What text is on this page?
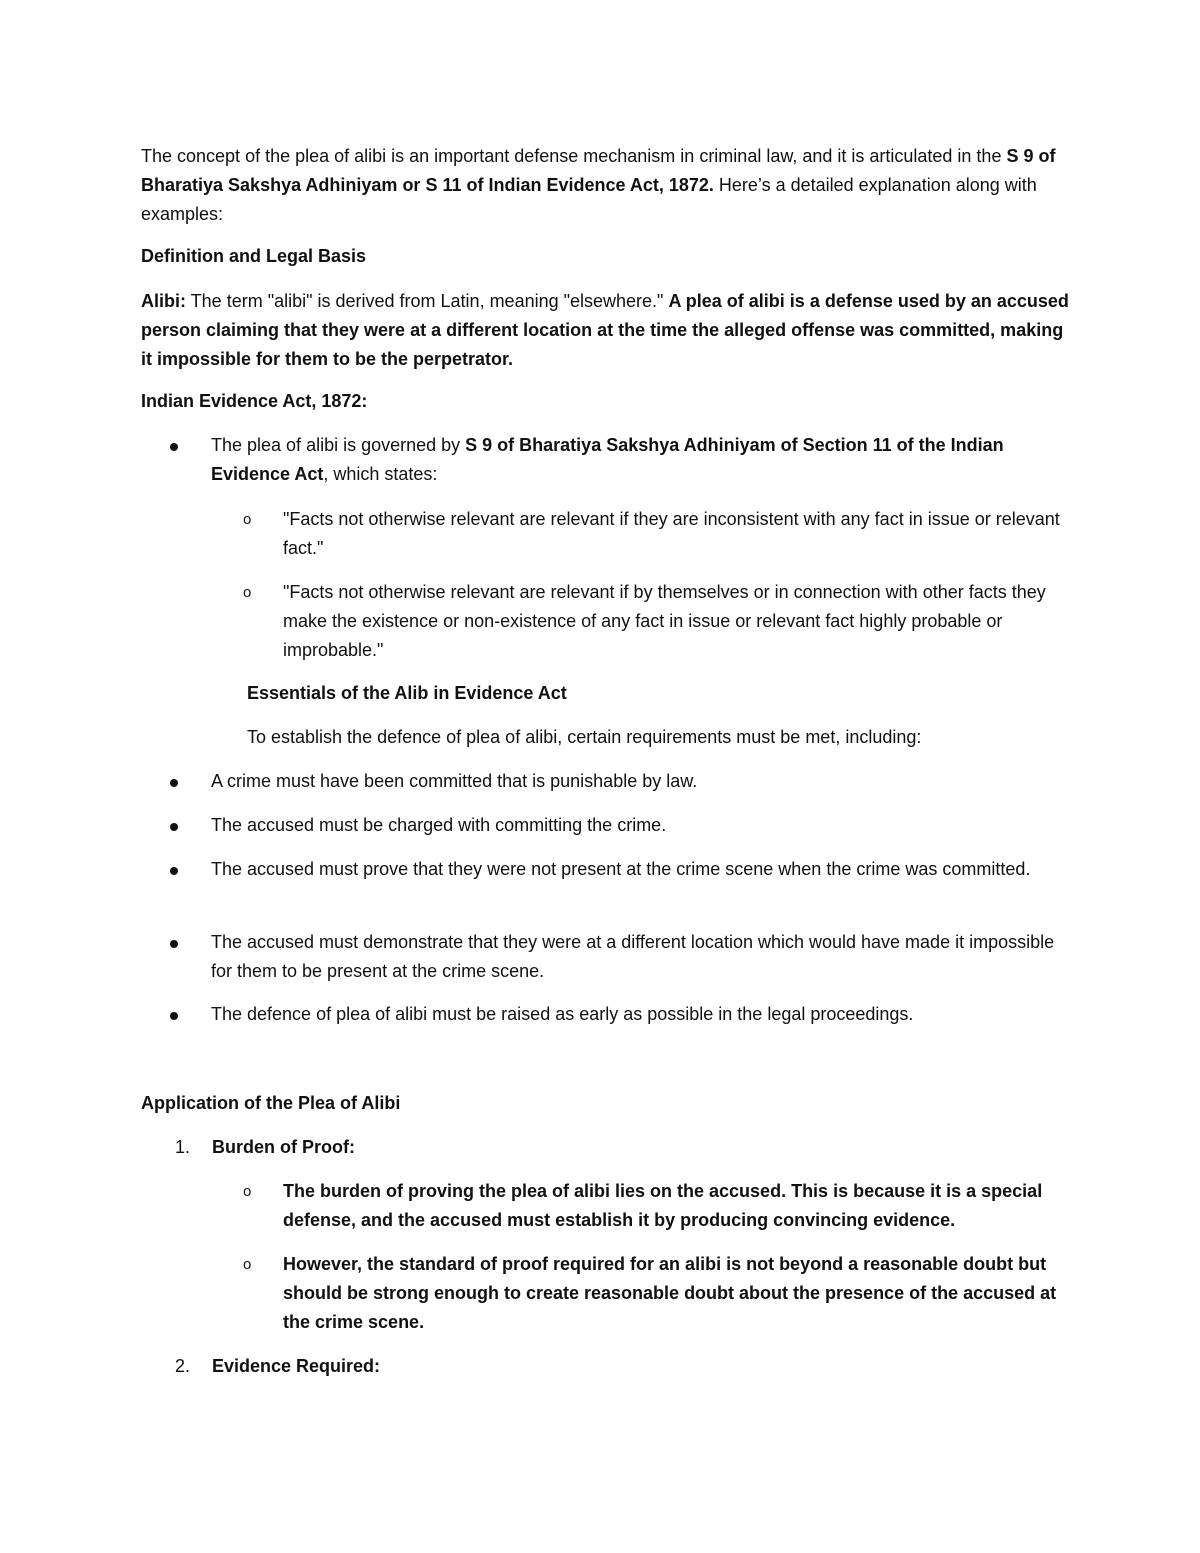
The concept of the plea of alibi is an important defense mechanism in criminal law, and it is articulated in the S 9 of Bharatiya Sakshya Adhiniyam or S 11 of Indian Evidence Act, 1872. Here’s a detailed explanation along with examples:

Definition and Legal Basis

Alibi: The term "alibi" is derived from Latin, meaning "elsewhere." A plea of alibi is a defense used by an accused person claiming that they were at a different location at the time the alleged offense was committed, making it impossible for them to be the perpetrator.

Indian Evidence Act, 1872:

The plea of alibi is governed by S 9 of Bharatiya Sakshya Adhiniyam of Section 11 of the Indian Evidence Act, which states:
o "Facts not otherwise relevant are relevant if they are inconsistent with any fact in issue or relevant fact."
o "Facts not otherwise relevant are relevant if by themselves or in connection with other facts they make the existence or non-existence of any fact in issue or relevant fact highly probable or improbable."

Essentials of the Alib in Evidence Act

To establish the defence of plea of alibi, certain requirements must be met, including:

A crime must have been committed that is punishable by law.
The accused must be charged with committing the crime.
The accused must prove that they were not present at the crime scene when the crime was committed.
The accused must demonstrate that they were at a different location which would have made it impossible for them to be present at the crime scene.
The defence of plea of alibi must be raised as early as possible in the legal proceedings.

Application of the Plea of Alibi

1. Burden of Proof:
o The burden of proving the plea of alibi lies on the accused. This is because it is a special defense, and the accused must establish it by producing convincing evidence.
o However, the standard of proof required for an alibi is not beyond a reasonable doubt but should be strong enough to create reasonable doubt about the presence of the accused at the crime scene.
2. Evidence Required:
